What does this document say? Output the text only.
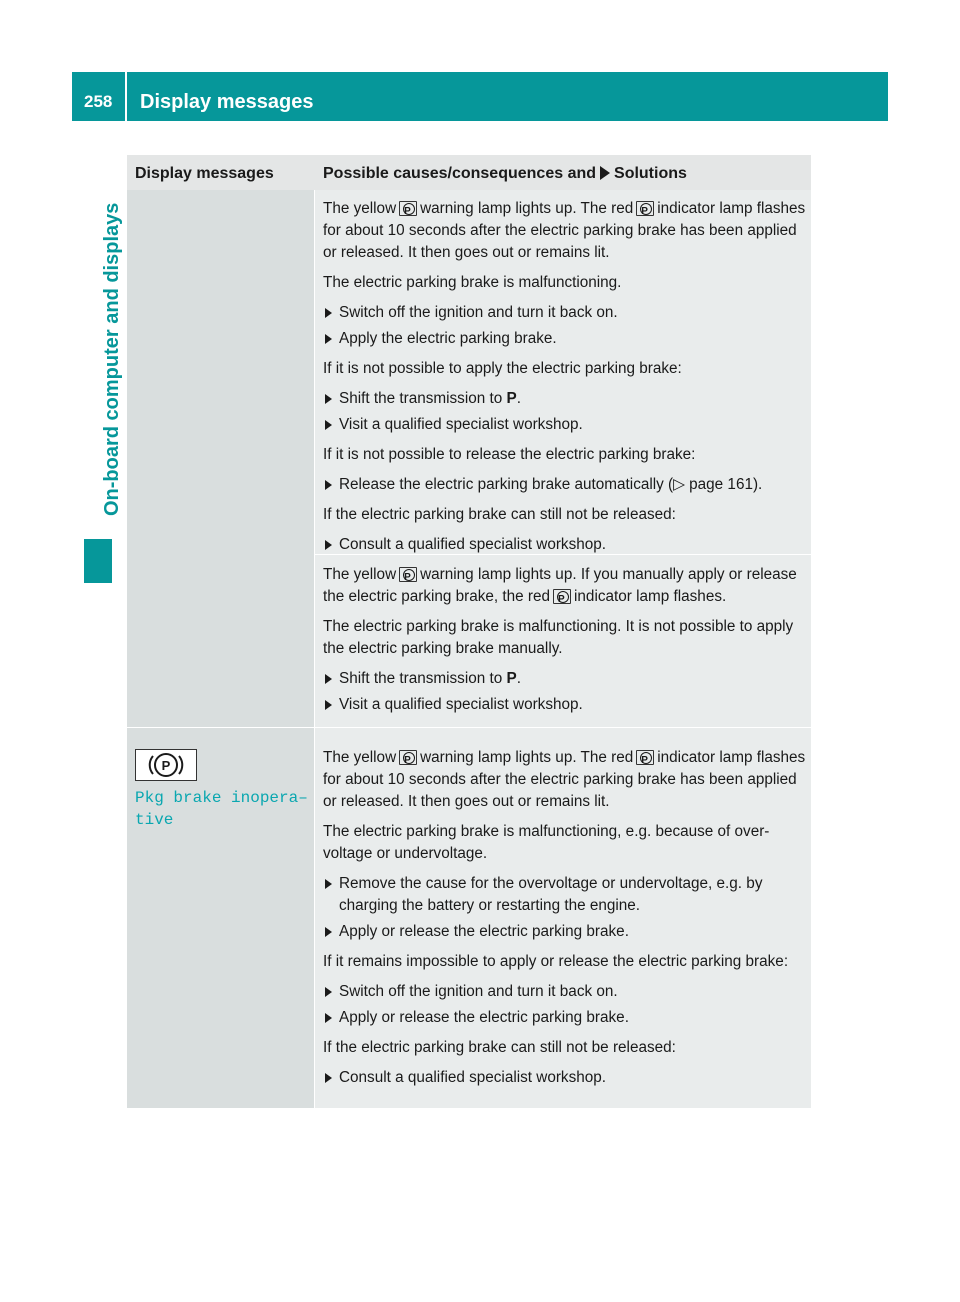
258 Display messages
On-board computer and displays
Display messages	Possible causes/consequences and Solutions

The yellow P warning lamp lights up. The red P indicator lamp flashes for about 10 seconds after the electric parking brake has been applied or released. It then goes out or remains lit.

The electric parking brake is malfunctioning.

Switch off the ignition and turn it back on.
Apply the electric parking brake.

If it is not possible to apply the electric parking brake:

Shift the transmission to P.
Visit a qualified specialist workshop.

If it is not possible to release the electric parking brake:

Release the electric parking brake automatically (▷ page 161).

If the electric parking brake can still not be released:

Consult a qualified specialist workshop.

The yellow P warning lamp lights up. If you manually apply or release the electric parking brake, the red P indicator lamp flashes.

The electric parking brake is malfunctioning. It is not possible to apply the electric parking brake manually.

Shift the transmission to P.
Visit a qualified specialist workshop.
P
Pkg brake inopera–
tive

The yellow P warning lamp lights up. The red P indicator lamp flashes for about 10 seconds after the electric parking brake has been applied or released. It then goes out or remains lit.

The electric parking brake is malfunctioning, e.g. because of over- voltage or undervoltage.

Remove the cause for the overvoltage or undervoltage, e.g. by charging the battery or restarting the engine.
Apply or release the electric parking brake.

If it remains impossible to apply or release the electric parking brake:

Switch off the ignition and turn it back on.
Apply or release the electric parking brake.

If the electric parking brake can still not be released:

Consult a qualified specialist workshop.
